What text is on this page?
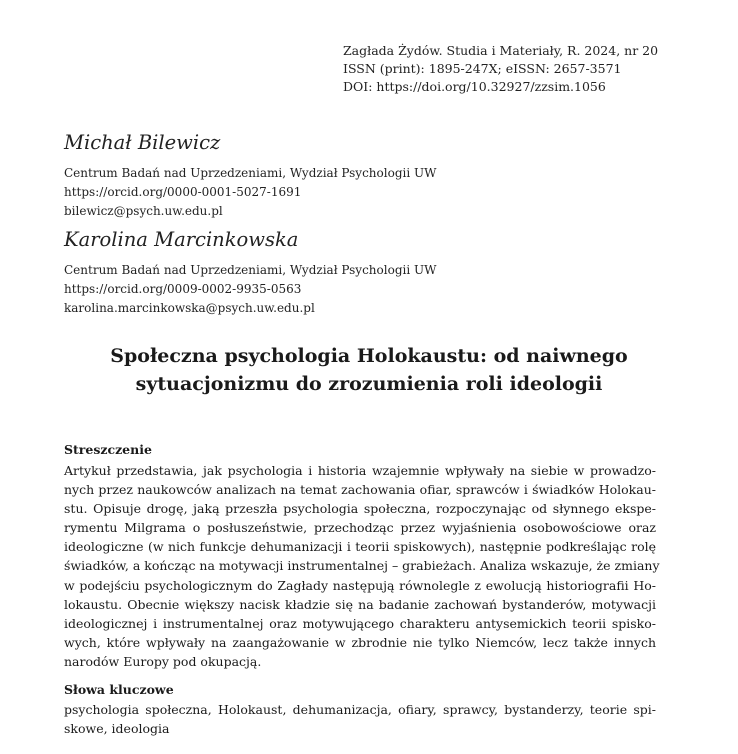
Zagłada Żydów. Studia i Materiały, R. 2024, nr 20
ISSN (print): 1895-247X; eISSN: 2657-3571
DOI: https://doi.org/10.32927/zzsim.1056
Michał Bilewicz
Centrum Badań nad Uprzedzeniami, Wydział Psychologii UW
https://orcid.org/0000-0001-5027-1691
bilewicz@psych.uw.edu.pl
Karolina Marcinkowska
Centrum Badań nad Uprzedzeniami, Wydział Psychologii UW
https://orcid.org/0009-0002-9935-0563
karolina.marcinkowska@psych.uw.edu.pl
Społeczna psychologia Holokaustu: od naiwnego
sytuacjonizmu do zrozumienia roli ideologii
Streszczenie
Artykuł przedstawia, jak psychologia i historia wzajemnie wpływały na siebie w prowadzo-
nych przez naukowców analizach na temat zachowania ofiar, sprawców i świadków Holokau-
stu. Opisuje drogę, jaką przeszła psychologia społeczna, rozpoczynając od słynnego ekspe-
rymentu Milgrama o posłuszeństwie, przechodząc przez wyjaśnienia osobowościowe oraz
ideologiczne (w nich funkcje dehumanizacji i teorii spiskowych), następnie podkreślając rolę
świadków, a kończąc na motywacji instrumentalnej – grabieżach. Analiza wskazuje, że zmiany
w podejściu psychologicznym do Zagłady następują równolegle z ewolucją historiografii Ho-
lokaustu. Obecnie większy nacisk kładzie się na badanie zachowań bystanderów, motywacji
ideologicznej i instrumentalnej oraz motywującego charakteru antysemickich teorii spisko-
wych, które wpływały na zaangażowanie w zbrodnie nie tylko Niemców, lecz także innych
narodów Europy pod okupacją.
Słowa kluczowe
psychologia społeczna, Holokaust, dehumanizacja, ofiary, sprawcy, bystanderzy, teorie spi-
skowe, ideologia
